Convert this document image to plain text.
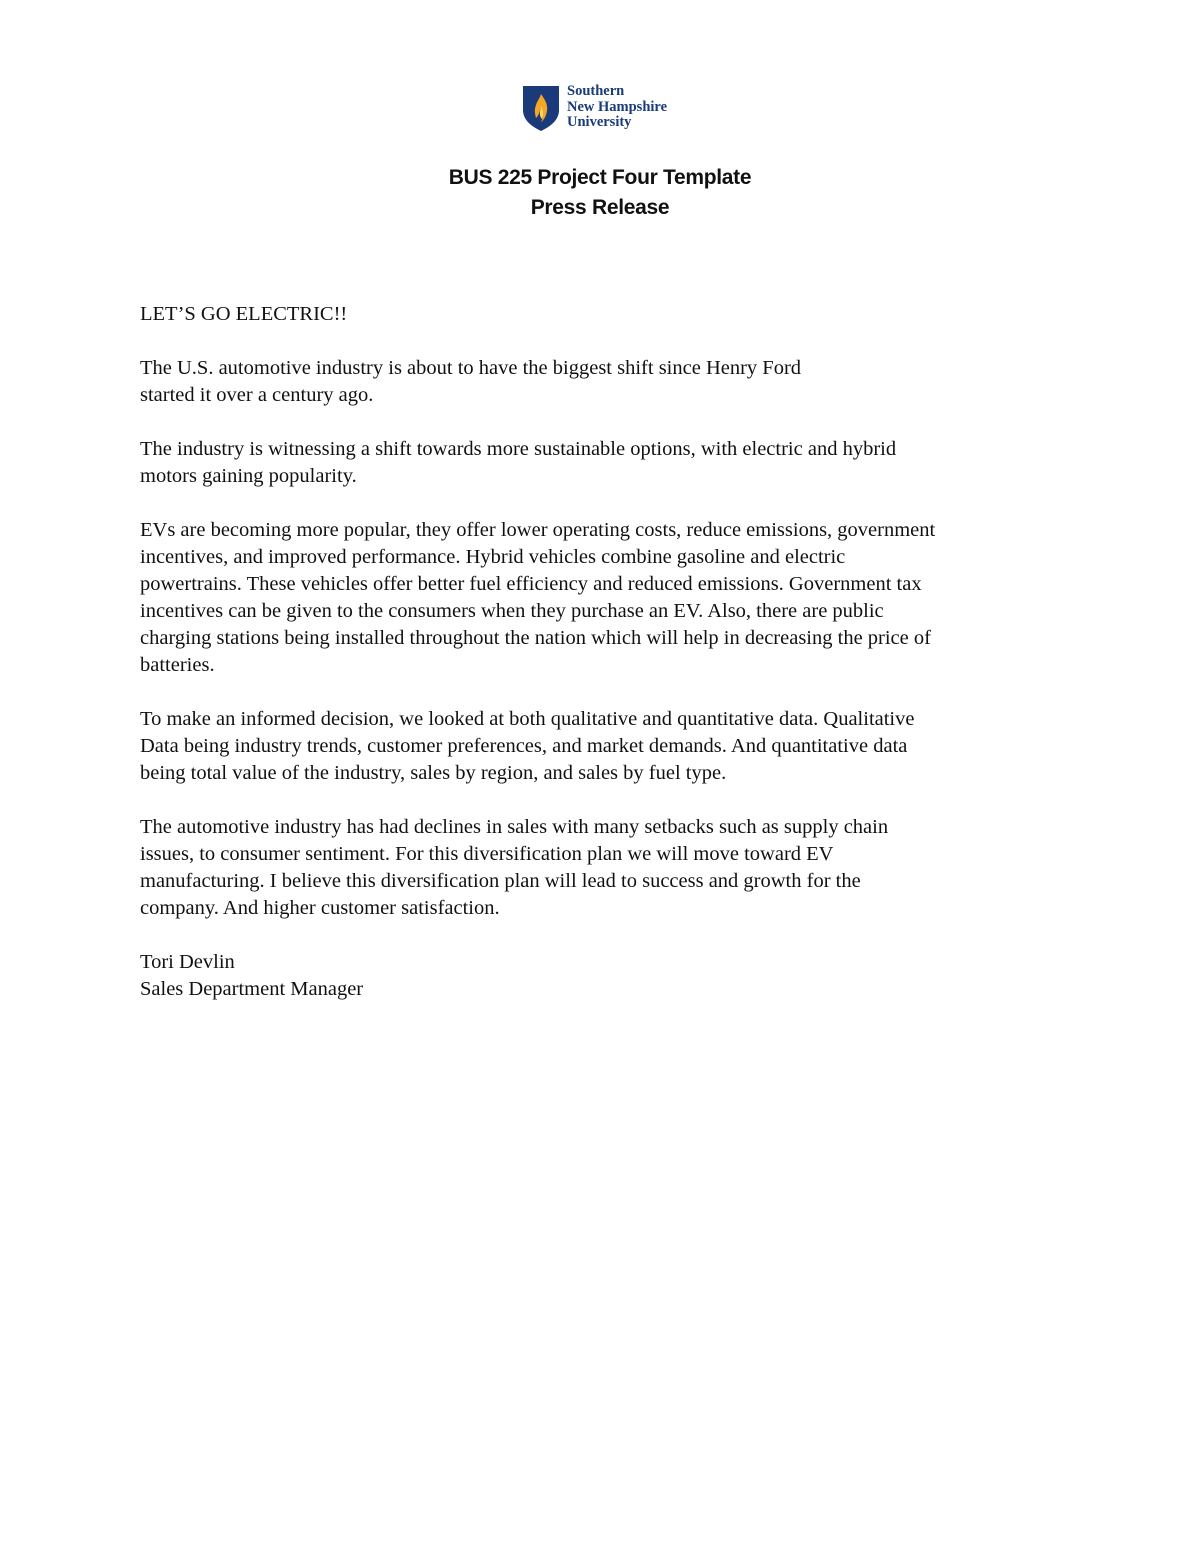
Southern
New Hampshire
University
BUS 225 Project Four Template
Press Release

LET’S GO ELECTRIC!!

The U.S. automotive industry is about to have the biggest shift since Henry Ford
started it over a century ago.

The industry is witnessing a shift towards more sustainable options, with electric and hybrid
motors gaining popularity.

EVs are becoming more popular, they offer lower operating costs, reduce emissions, government
incentives, and improved performance. Hybrid vehicles combine gasoline and electric
powertrains. These vehicles offer better fuel efficiency and reduced emissions. Government tax
incentives can be given to the consumers when they purchase an EV. Also, there are public
charging stations being installed throughout the nation which will help in decreasing the price of
batteries.

To make an informed decision, we looked at both qualitative and quantitative data. Qualitative
Data being industry trends, customer preferences, and market demands. And quantitative data
being total value of the industry, sales by region, and sales by fuel type.

The automotive industry has had declines in sales with many setbacks such as supply chain
issues, to consumer sentiment. For this diversification plan we will move toward EV
manufacturing. I believe this diversification plan will lead to success and growth for the
company. And higher customer satisfaction.

Tori Devlin

Sales Department Manager
